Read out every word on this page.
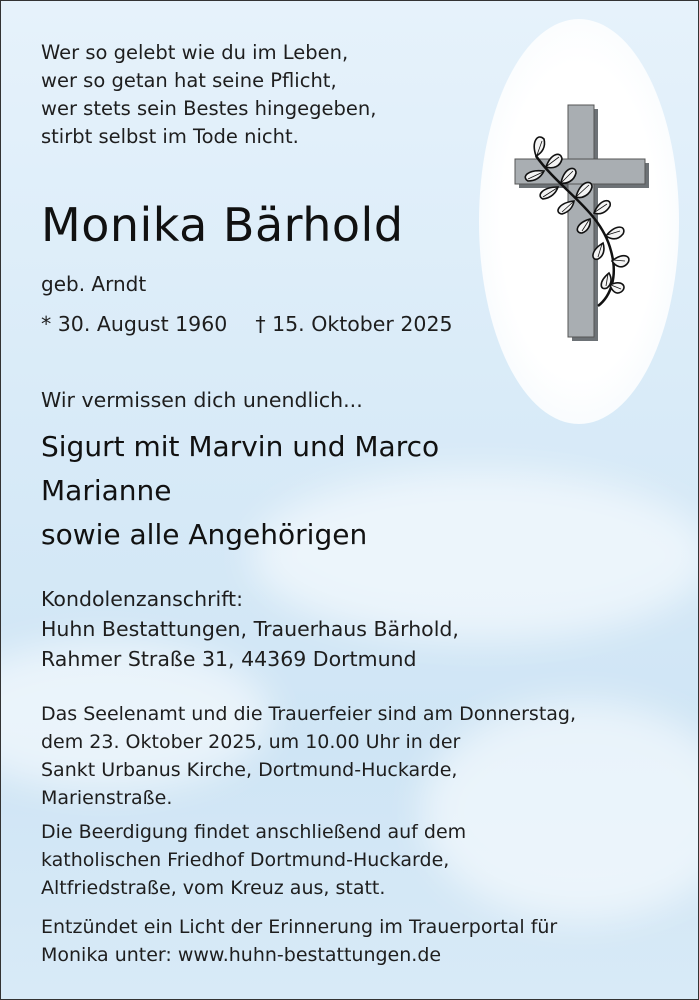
Wer so gelebt wie du im Leben,
wer so getan hat seine Pflicht,
wer stets sein Bestes hingegeben,
stirbt selbst im Tode nicht.
Monika Bärhold
geb. Arndt
* 30. August 1960 † 15. Oktober 2025
Wir vermissen dich unendlich...
Sigurt mit Marvin und Marco
Marianne
sowie alle Angehörigen
Kondolenzanschrift:
Huhn Bestattungen, Trauerhaus Bärhold,
Rahmer Straße 31, 44369 Dortmund
Das Seelenamt und die Trauerfeier sind am Donnerstag,
dem 23. Oktober 2025, um 10.00 Uhr in der
Sankt Urbanus Kirche, Dortmund-Huckarde,
Marienstraße.
Die Beerdigung findet anschließend auf dem
katholischen Friedhof Dortmund-Huckarde,
Altfriedstraße, vom Kreuz aus, statt.
Entzündet ein Licht der Erinnerung im Trauerportal für
Monika unter: www.huhn-bestattungen.de
